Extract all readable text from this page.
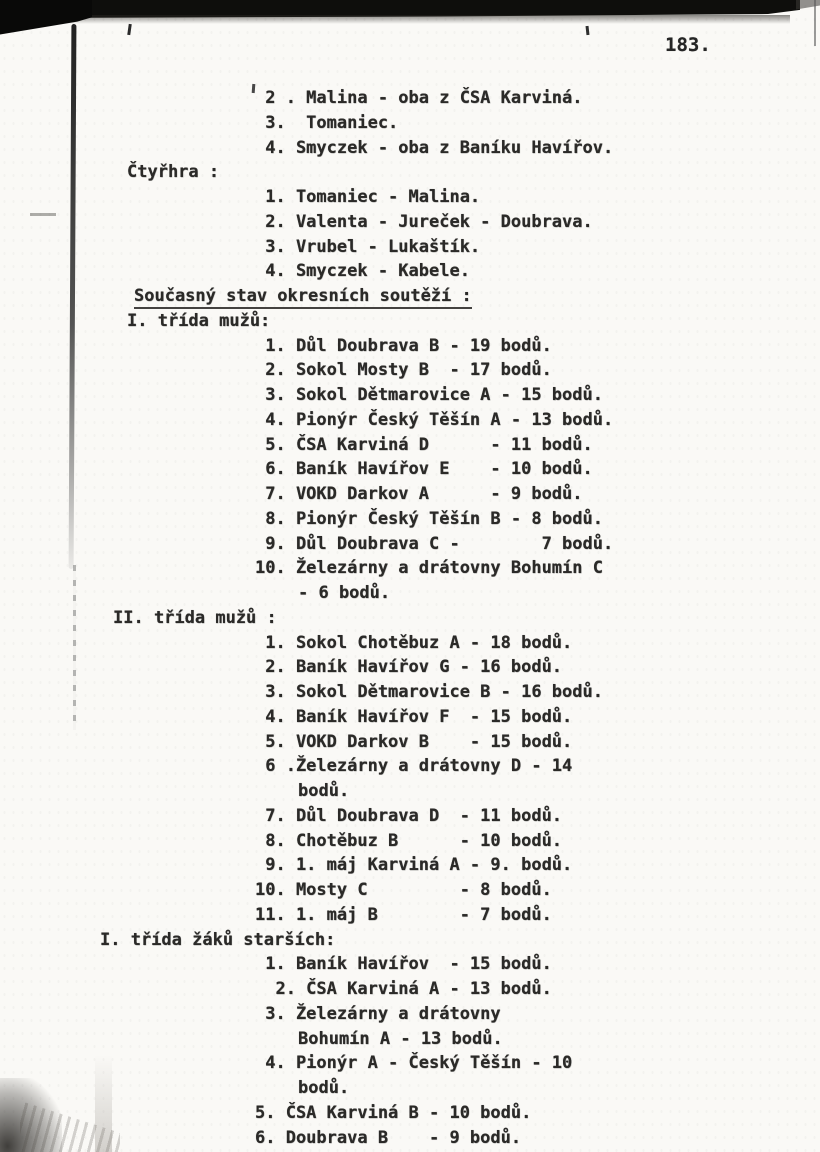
183.
2 . Malina - oba z ČSA Karviná.
3.  Tomaniec.
4. Smyczek - oba z Baníku Havířov.
Čtyřhra :
1. Tomaniec - Malina.
2. Valenta - Jureček - Doubrava.
3. Vrubel - Lukaštík.
4. Smyczek - Kabele.
Současný stav okresních soutěží :
I. třída mužů:
1. Důl Doubrava B - 19 bodů.
2. Sokol Mosty B  - 17 bodů.
3. Sokol Dětmarovice A - 15 bodů.
4. Pionýr Český Těšín A - 13 bodů.
5. ČSA Karviná D      - 11 bodů.
6. Baník Havířov E    - 10 bodů.
7. VOKD Darkov A      - 9 bodů.
8. Pionýr Český Těšín B - 8 bodů.
9. Důl Doubrava C -        7 bodů.
10. Železárny a drátovny Bohumín C
- 6 bodů.
II. třída mužů :
1. Sokol Chotěbuz A - 18 bodů.
2. Baník Havířov G - 16 bodů.
3. Sokol Dětmarovice B - 16 bodů.
4. Baník Havířov F  - 15 bodů.
5. VOKD Darkov B    - 15 bodů.
6 .Železárny a drátovny D - 14
bodů.
7. Důl Doubrava D  - 11 bodů.
8. Chotěbuz B      - 10 bodů.
9. 1. máj Karviná A - 9. bodů.
10. Mosty C         - 8 bodů.
11. 1. máj B        - 7 bodů.
I. třída žáků starších:
1. Baník Havířov  - 15 bodů.
2. ČSA Karviná A - 13 bodů.
3. Železárny a drátovny
Bohumín A - 13 bodů.
4. Pionýr A - Český Těšín - 10
bodů.
5. ČSA Karviná B - 10 bodů.
6. Doubrava B    - 9 bodů.
